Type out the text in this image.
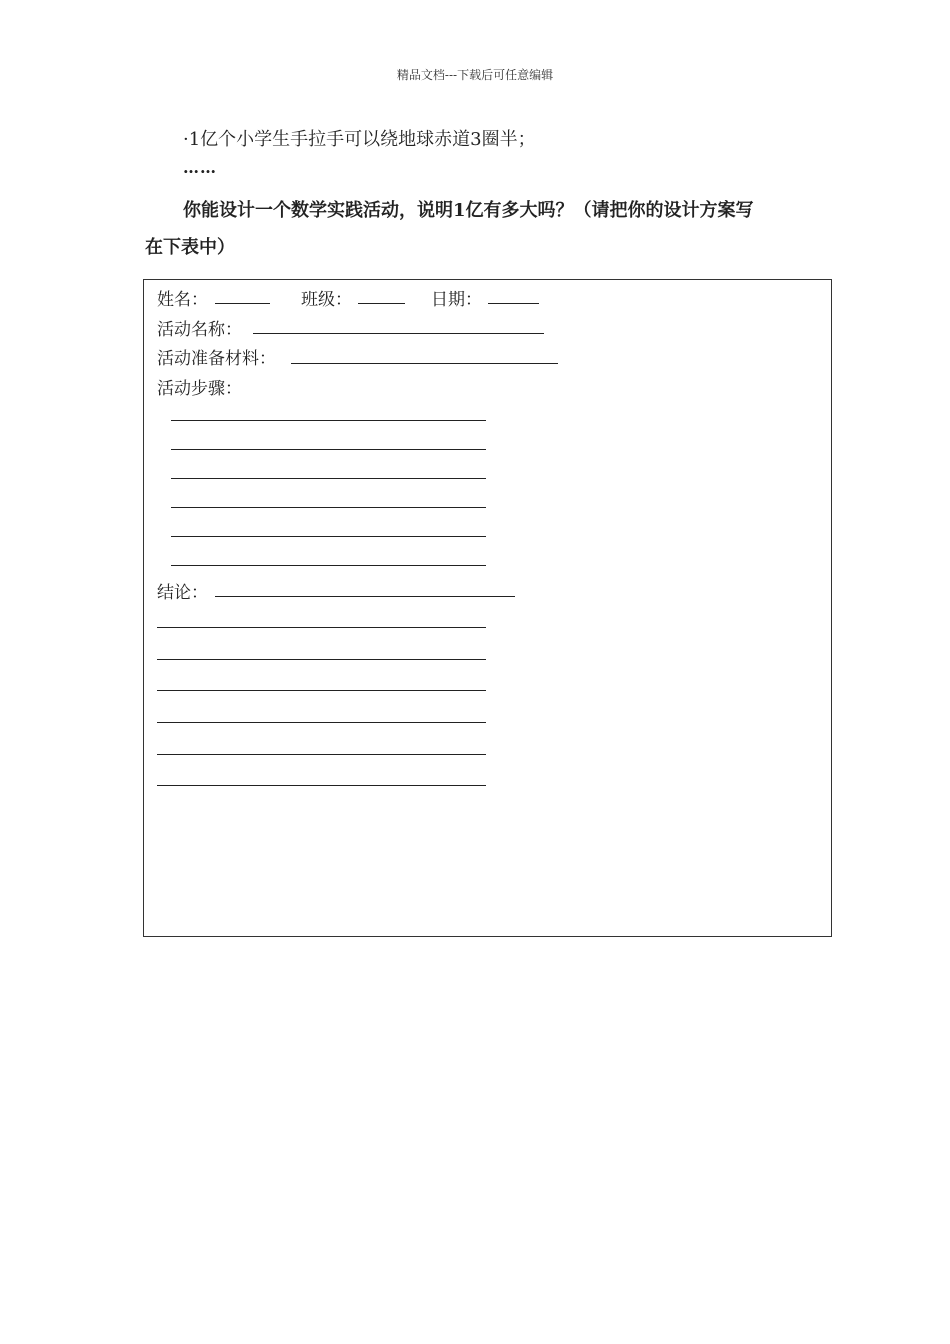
精品文档---下载后可任意编辑
·1亿个小学生手拉手可以绕地球赤道3圈半；
……
你能设计一个数学实践活动，说明1亿有多大吗？（请把你的设计方案写
在下表中）
姓名：	班级：	日期：
活动名称：
活动准备材料：
活动步骤：
结论：
